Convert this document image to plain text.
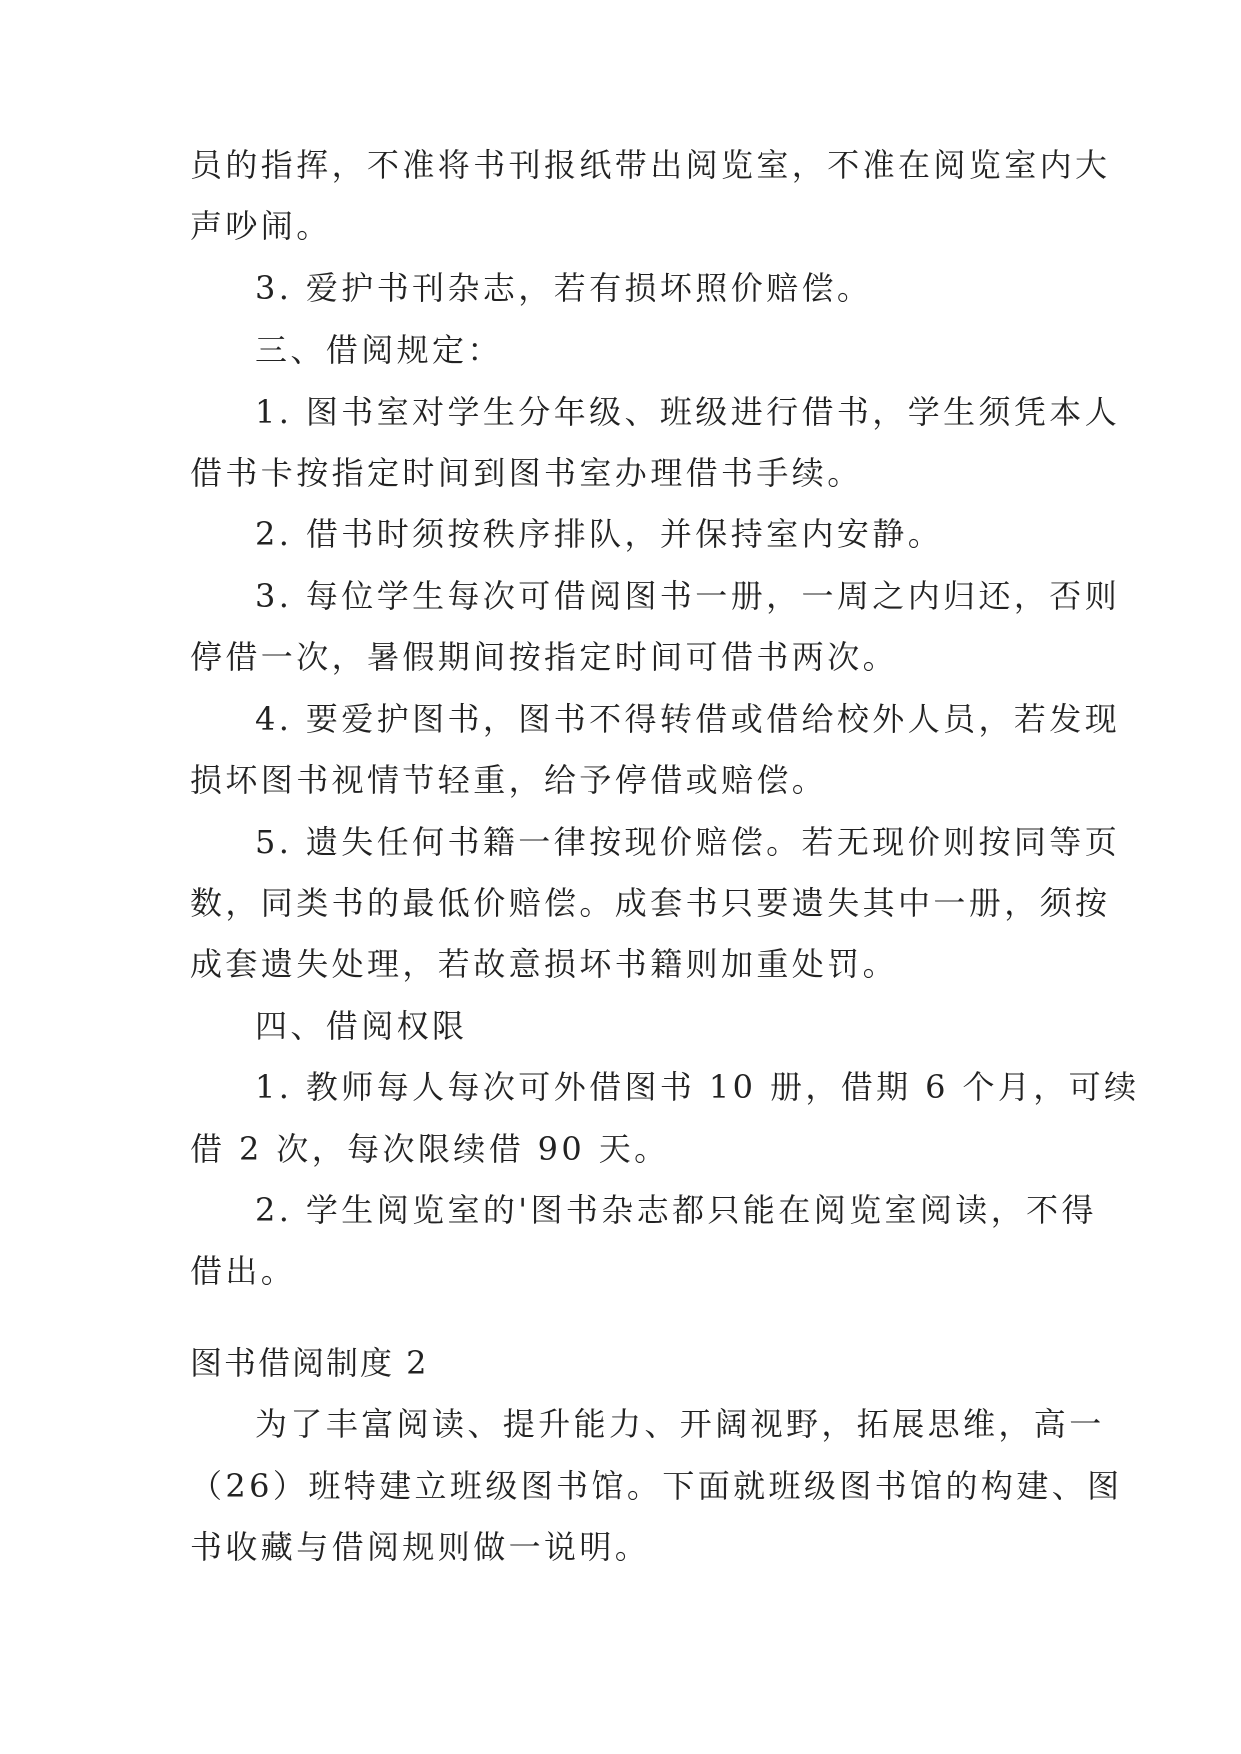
员的指挥，不准将书刊报纸带出阅览室，不准在阅览室内大
声吵闹。
3. 爱护书刊杂志，若有损坏照价赔偿。
三、借阅规定：
1. 图书室对学生分年级、班级进行借书，学生须凭本人
借书卡按指定时间到图书室办理借书手续。
2. 借书时须按秩序排队，并保持室内安静。
3. 每位学生每次可借阅图书一册，一周之内归还，否则
停借一次，暑假期间按指定时间可借书两次。
4. 要爱护图书，图书不得转借或借给校外人员，若发现
损坏图书视情节轻重，给予停借或赔偿。
5. 遗失任何书籍一律按现价赔偿。若无现价则按同等页
数，同类书的最低价赔偿。成套书只要遗失其中一册，须按
成套遗失处理，若故意损坏书籍则加重处罚。
四、借阅权限
1. 教师每人每次可外借图书 10 册，借期 6 个月，可续
借 2 次，每次限续借 90 天。
2. 学生阅览室的'图书杂志都只能在阅览室阅读，不得
借出。
图书借阅制度 2
为了丰富阅读、提升能力、开阔视野，拓展思维，高一
（26）班特建立班级图书馆。下面就班级图书馆的构建、图
书收藏与借阅规则做一说明。
